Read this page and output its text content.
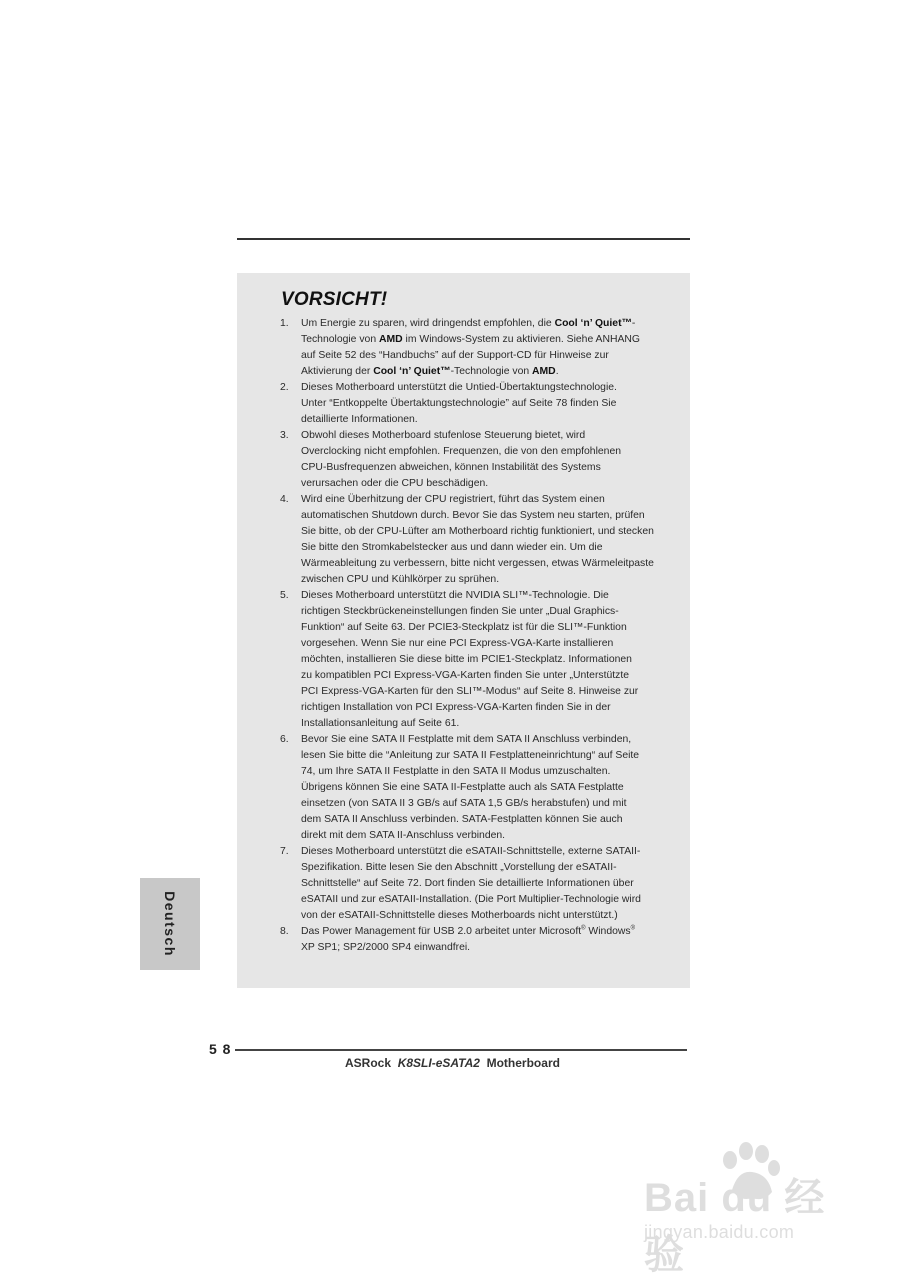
VORSICHT!
1. Um Energie zu sparen, wird dringendst empfohlen, die Cool ‘n’ Quiet™-
Technologie von AMD im Windows-System zu aktivieren. Siehe ANHANG
auf Seite 52 des “Handbuchs” auf der Support-CD für Hinweise zur
Aktivierung der Cool ‘n’ Quiet™-Technologie von AMD.
2. Dieses Motherboard unterstützt die Untied-Übertaktungstechnologie.
Unter “Entkoppelte Übertaktungstechnologie” auf Seite 78 finden Sie
detaillierte Informationen.
3. Obwohl dieses Motherboard stufenlose Steuerung bietet, wird
Overclocking nicht empfohlen. Frequenzen, die von den empfohlenen
CPU-Busfrequenzen abweichen, können Instabilität des Systems
verursachen oder die CPU beschädigen.
4. Wird eine Überhitzung der CPU registriert, führt das System einen
automatischen Shutdown durch. Bevor Sie das System neu starten, prüfen
Sie bitte, ob der CPU-Lüfter am Motherboard richtig funktioniert, und stecken
Sie bitte den Stromkabelstecker aus und dann wieder ein. Um die
Wärmeableitung zu verbessern, bitte nicht vergessen, etwas Wärmeleitpaste
zwischen CPU und Kühlkörper zu sprühen.
5. Dieses Motherboard unterstützt die NVIDIA SLI™-Technologie. Die
richtigen Steckbrückeneinstellungen finden Sie unter „Dual Graphics-
Funktion“ auf Seite 63. Der PCIE3-Steckplatz ist für die SLI™-Funktion
vorgesehen. Wenn Sie nur eine PCI Express-VGA-Karte installieren
möchten, installieren Sie diese bitte im PCIE1-Steckplatz. Informationen
zu kompatiblen PCI Express-VGA-Karten finden Sie unter „Unterstützte
PCI Express-VGA-Karten für den SLI™-Modus“ auf Seite 8. Hinweise zur
richtigen Installation von PCI Express-VGA-Karten finden Sie in der
Installationsanleitung auf Seite 61.
6. Bevor Sie eine SATA II Festplatte mit dem SATA II Anschluss verbinden,
lesen Sie bitte die “Anleitung zur SATA II Festplatteneinrichtung“ auf Seite
74, um Ihre SATA II Festplatte in den SATA II Modus umzuschalten.
Übrigens können Sie eine SATA II-Festplatte auch als SATA Festplatte
einsetzen (von SATA II 3 GB/s auf SATA 1,5 GB/s herabstufen) und mit
dem SATA II Anschluss verbinden. SATA-Festplatten können Sie auch
direkt mit dem SATA II-Anschluss verbinden.
7. Dieses Motherboard unterstützt die eSATAII-Schnittstelle, externe SATAII-
Spezifikation. Bitte lesen Sie den Abschnitt „Vorstellung der eSATAII-
Schnittstelle“ auf Seite 72. Dort finden Sie detaillierte Informationen über
eSATAII und zur eSATAII-Installation. (Die Port Multiplier-Technologie wird
von der eSATAII-Schnittstelle dieses Motherboards nicht unterstützt.)
8. Das Power Management für USB 2.0 arbeitet unter Microsoft® Windows®
XP SP1; SP2/2000 SP4 einwandfrei.
Deutsch
5 8
ASRock K8SLI-eSATA2 Motherboard
Bai du 经验
jingyan.baidu.com
